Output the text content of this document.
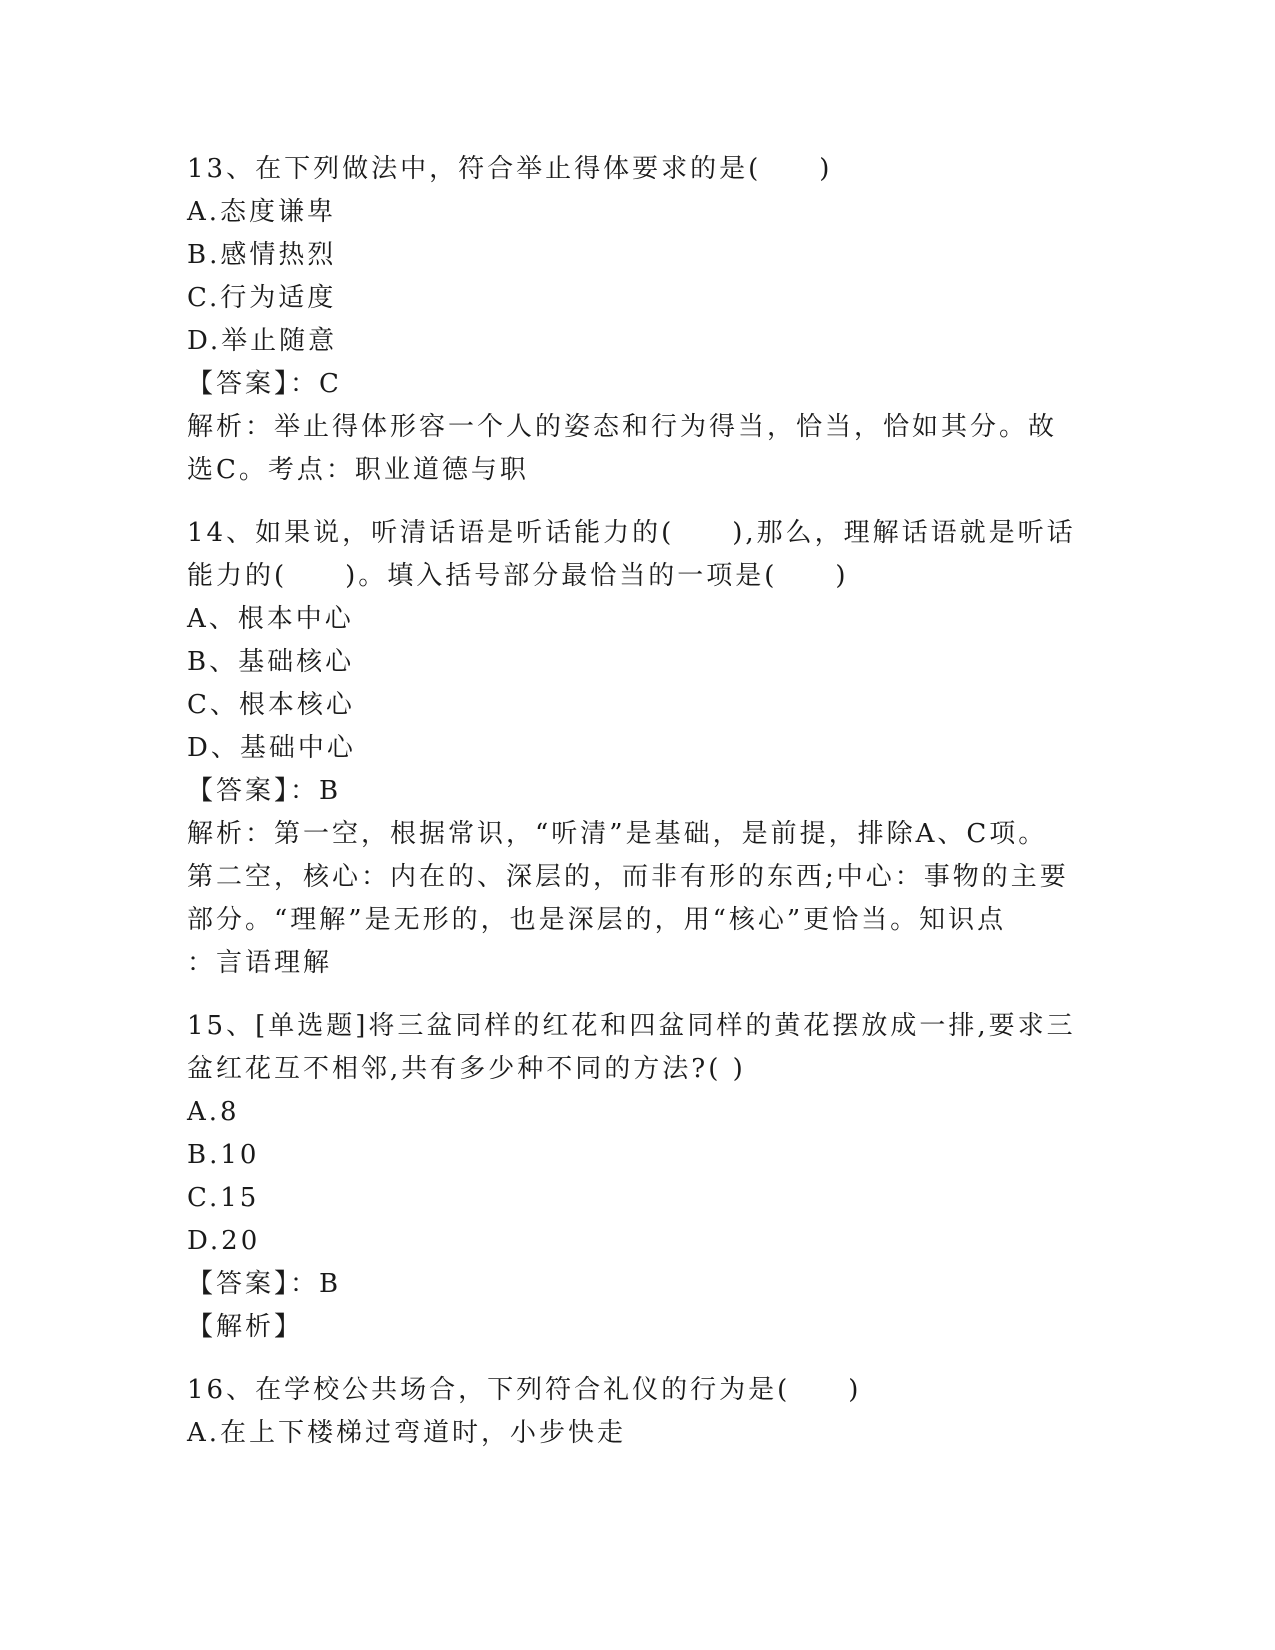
13、在下列做法中，符合举止得体要求的是(　　)

A.态度谦卑

B.感情热烈

C.行为适度

D.举止随意

【答案】：C

解析：举止得体形容一个人的姿态和行为得当，恰当，恰如其分。故

选C。考点：职业道德与职

14、如果说，听清话语是听话能力的(　　),那么，理解话语就是听话

能力的(　　)。填入括号部分最恰当的一项是(　　)

A、根本中心

B、基础核心

C、根本核心

D、基础中心

【答案】：B

解析：第一空，根据常识，“听清”是基础，是前提，排除A、C项。

第二空，核心：内在的、深层的，而非有形的东西;中心：事物的主要

部分。“理解”是无形的，也是深层的，用“核心”更恰当。知识点

：言语理解

15、[单选题]将三盆同样的红花和四盆同样的黄花摆放成一排,要求三

盆红花互不相邻,共有多少种不同的方法?( )

A.8

B.10

C.15

D.20

【答案】：B

【解析】

16、在学校公共场合，下列符合礼仪的行为是(　　)

A.在上下楼梯过弯道时，小步快走
